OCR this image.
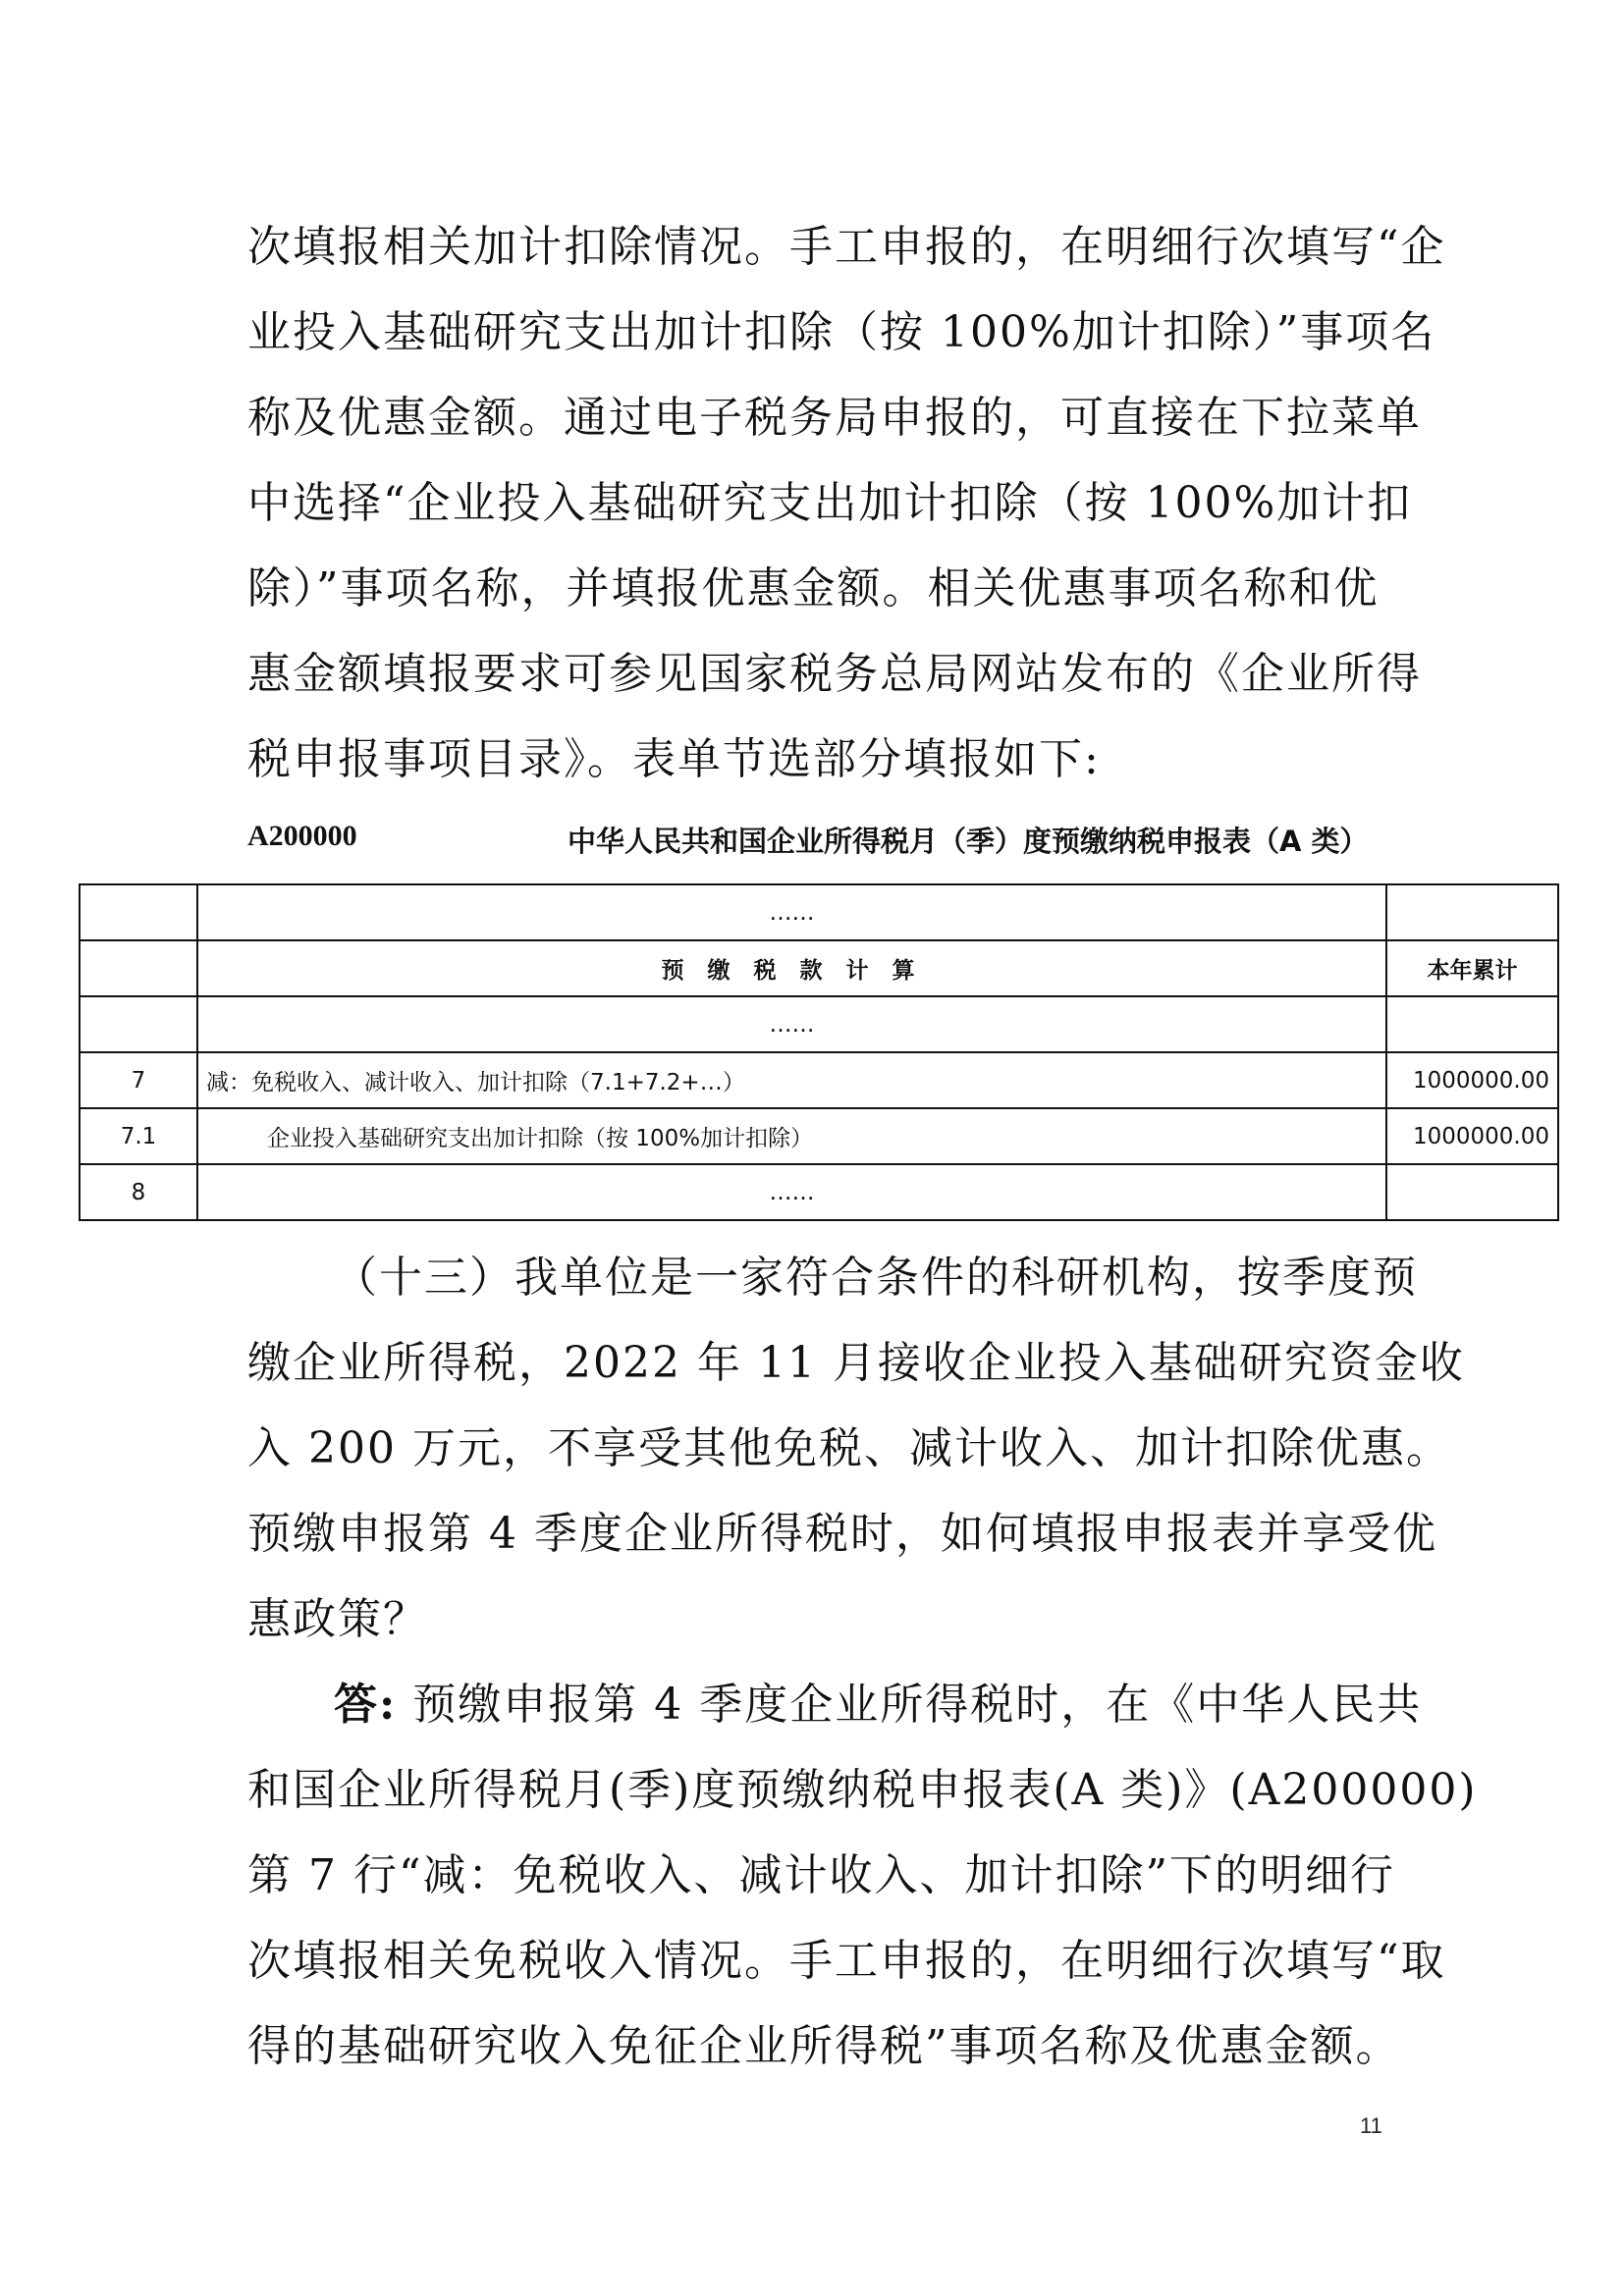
次填报相关加计扣除情况。手工申报的，在明细行次填写“企
业投入基础研究支出加计扣除（按 100%加计扣除）”事项名
称及优惠金额。通过电子税务局申报的，可直接在下拉菜单
中选择“企业投入基础研究支出加计扣除（按 100%加计扣
除）”事项名称，并填报优惠金额。相关优惠事项名称和优
惠金额填报要求可参见国家税务总局网站发布的《企业所得
税申报事项目录》。表单节选部分填报如下:
A200000	中华人民共和国企业所得税月（季）度预缴纳税申报表（A 类）
	……	
	预 缴 税 款 计 算	本年累计
	……	
7	减：免税收入、减计收入、加计扣除（7.1+7.2+…）	1000000.00
7.1	企业投入基础研究支出加计扣除（按 100%加计扣除）	1000000.00
8	……	
（十三）我单位是一家符合条件的科研机构，按季度预
缴企业所得税，2022 年 11 月接收企业投入基础研究资金收
入 200 万元，不享受其他免税、减计收入、加计扣除优惠。
预缴申报第 4 季度企业所得税时，如何填报申报表并享受优
惠政策？
答: 预缴申报第 4 季度企业所得税时，在《中华人民共
和国企业所得税月(季)度预缴纳税申报表(A 类)》(A200000)
第 7 行“减：免税收入、减计收入、加计扣除”下的明细行
次填报相关免税收入情况。手工申报的，在明细行次填写“取
得的基础研究收入免征企业所得税”事项名称及优惠金额。
11
